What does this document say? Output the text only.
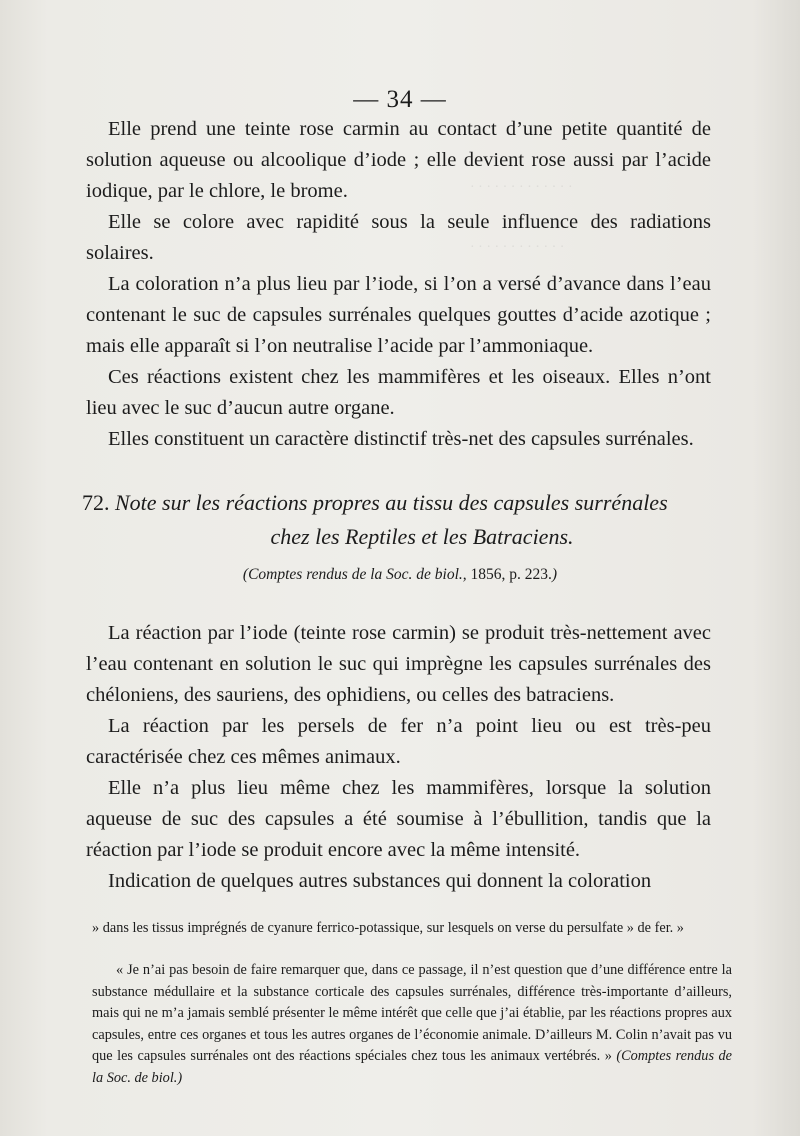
· · · · · · · · · · · · ·
· · · · · · · · · · · ·
— 34 —

Elle prend une teinte rose carmin au contact d’une petite quantité de solution aqueuse ou alcoolique d’iode ; elle devient rose aussi par l’acide iodique, par le chlore, le brome.

Elle se colore avec rapidité sous la seule influence des radiations solaires.

La coloration n’a plus lieu par l’iode, si l’on a versé d’avance dans l’eau contenant le suc de capsules surrénales quelques gouttes d’acide azotique ; mais elle apparaît si l’on neutralise l’acide par l’ammoniaque.

Ces réactions existent chez les mammifères et les oiseaux. Elles n’ont lieu avec le suc d’aucun autre organe.

Elles constituent un caractère distinctif très-net des capsules surrénales.

72. Note sur les réactions propres au tissu des capsules surrénales
chez les Reptiles et les Batraciens.
(Comptes rendus de la Soc. de biol., 1856, p. 223.)

La réaction par l’iode (teinte rose carmin) se produit très-nettement avec l’eau contenant en solution le suc qui imprègne les capsules surrénales des chéloniens, des sauriens, des ophidiens, ou celles des batraciens.

La réaction par les persels de fer n’a point lieu ou est très-peu caractérisée chez ces mêmes animaux.

Elle n’a plus lieu même chez les mammifères, lorsque la solution aqueuse de suc des capsules a été soumise à l’ébullition, tandis que la réaction par l’iode se produit encore avec la même intensité.

Indication de quelques autres substances qui donnent la coloration

» dans les tissus imprégnés de cyanure ferrico-potassique, sur lesquels on verse du persulfate » de fer. »

« Je n’ai pas besoin de faire remarquer que, dans ce passage, il n’est question que d’une différence entre la substance médullaire et la substance corticale des capsules surrénales, différence très-importante d’ailleurs, mais qui ne m’a jamais semblé présenter le même intérêt que celle que j’ai établie, par les réactions propres aux capsules, entre ces organes et tous les autres organes de l’économie animale. D’ailleurs M. Colin n’avait pas vu que les capsules surrénales ont des réactions spéciales chez tous les animaux vertébrés. » (Comptes rendus de la Soc. de biol.)
